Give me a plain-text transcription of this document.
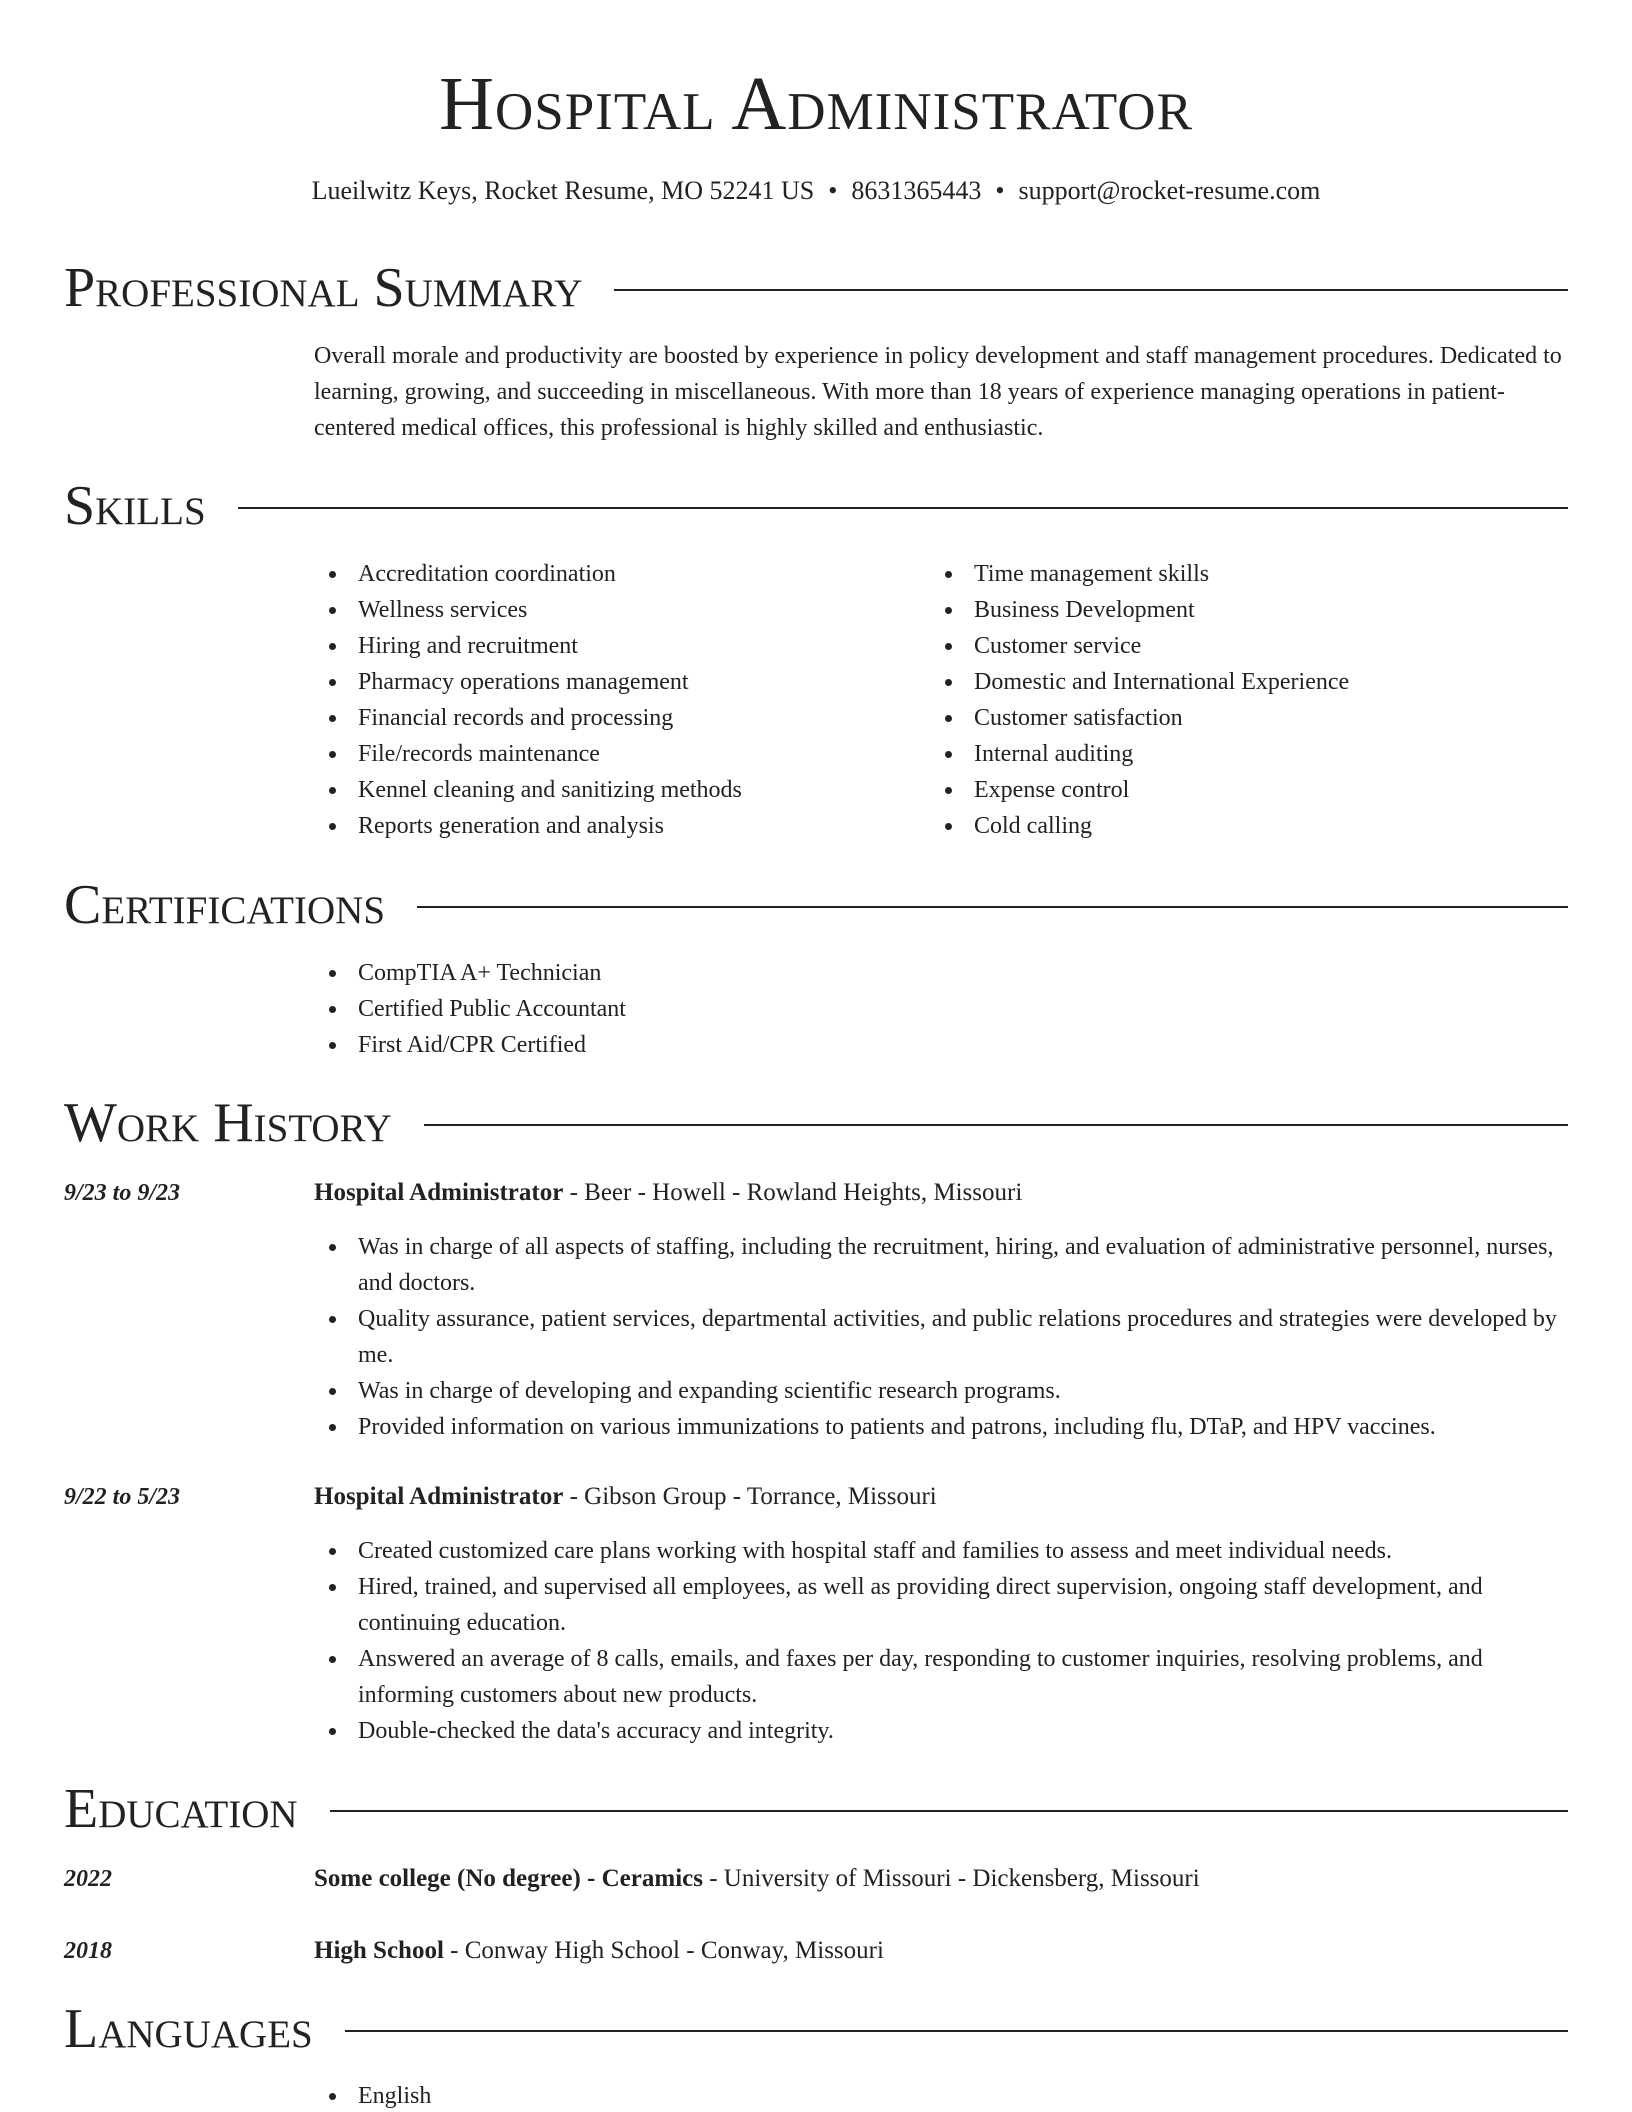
Hospital Administrator
Lueilwitz Keys, Rocket Resume, MO 52241 US • 8631365443 • support@rocket-resume.com
Professional Summary

Overall morale and productivity are boosted by experience in policy development and staff management procedures. Dedicated to learning, growing, and succeeding in miscellaneous. With more than 18 years of experience managing operations in patient-centered medical offices, this professional is highly skilled and enthusiastic.

Skills
Accreditation coordination
Wellness services
Hiring and recruitment
Pharmacy operations management
Financial records and processing
File/records maintenance
Kennel cleaning and sanitizing methods
Reports generation and analysis
Time management skills
Business Development
Customer service
Domestic and International Experience
Customer satisfaction
Internal auditing
Expense control
Cold calling
Certifications
CompTIA A+ Technician
Certified Public Accountant
First Aid/CPR Certified
Work History
9/23 to 9/23	Hospital Administrator - Beer - Howell - Rowland Heights, Missouri
Was in charge of all aspects of staffing, including the recruitment, hiring, and evaluation of administrative personnel, nurses, and doctors.
Quality assurance, patient services, departmental activities, and public relations procedures and strategies were developed by me.
Was in charge of developing and expanding scientific research programs.
Provided information on various immunizations to patients and patrons, including flu, DTaP, and HPV vaccines.
9/22 to 5/23	Hospital Administrator - Gibson Group - Torrance, Missouri
Created customized care plans working with hospital staff and families to assess and meet individual needs.
Hired, trained, and supervised all employees, as well as providing direct supervision, ongoing staff development, and continuing education.
Answered an average of 8 calls, emails, and faxes per day, responding to customer inquiries, resolving problems, and informing customers about new products.
Double-checked the data's accuracy and integrity.
Education
2022	Some college (No degree) - Ceramics - University of Missouri - Dickensberg, Missouri
2018	High School - Conway High School - Conway, Missouri
Languages
English
